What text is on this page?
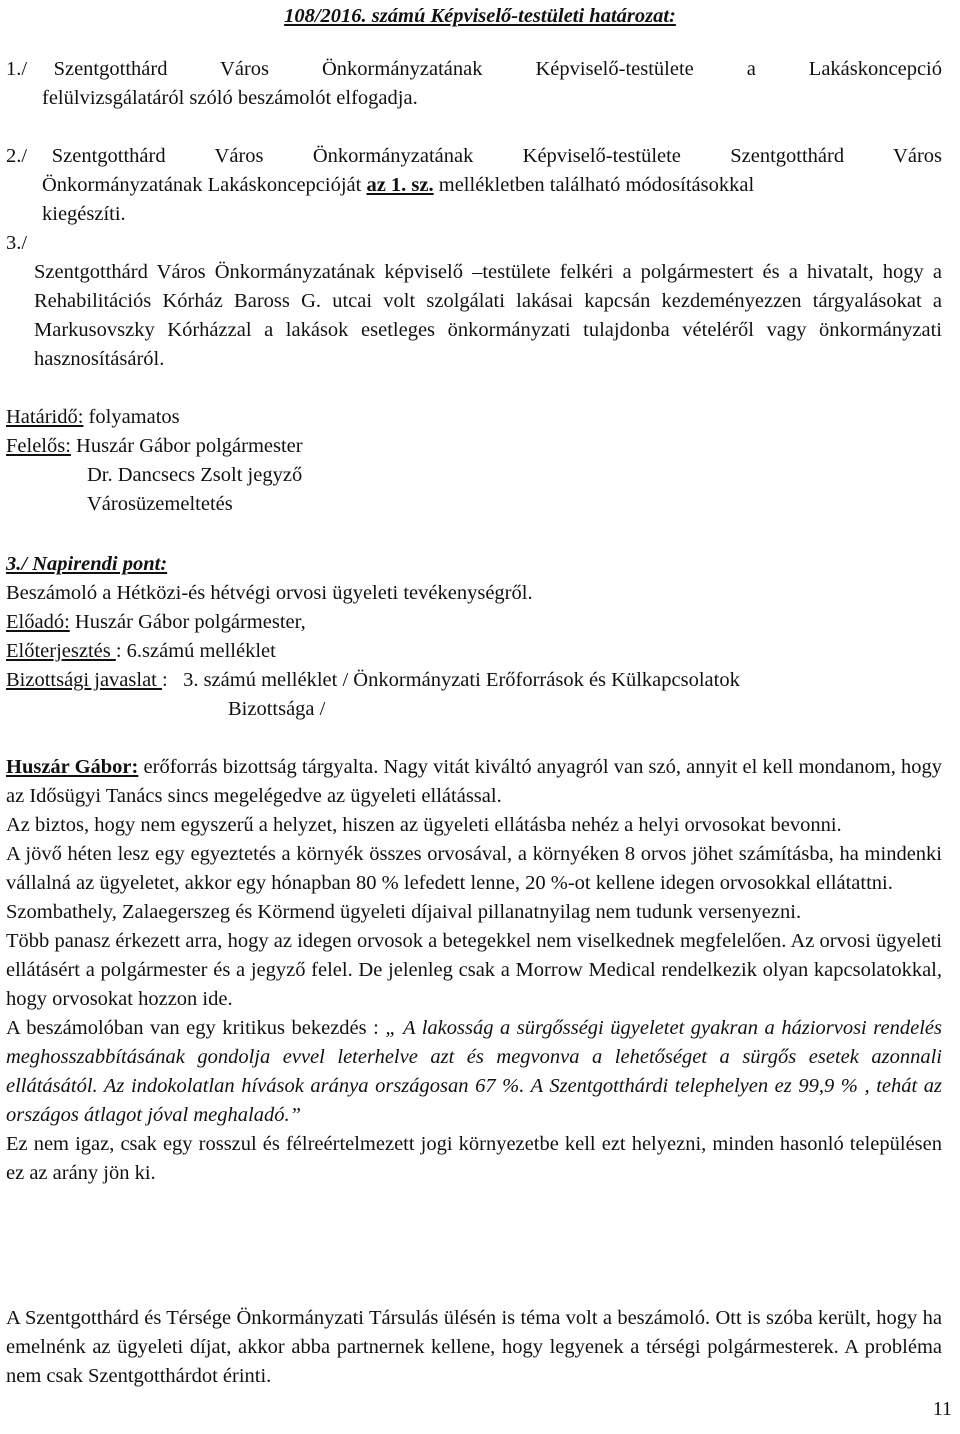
108/2016. számú Képviselő-testületi határozat:

1./ Szentgotthárd  Város  Önkormányzatának  Képviselő-testülete  a  Lakáskoncepció

felülvizsgálatáról szóló beszámolót elfogadja.

2./ Szentgotthárd  Város  Önkormányzatának  Képviselő-testülete  Szentgotthárd  Város

Önkormányzatának Lakáskoncepcióját az 1. sz. mellékletben található módosításokkal

kiegészíti.

3./

Szentgotthárd Város Önkormányzatának képviselő –testülete felkéri a polgármestert és a hivatalt, hogy a Rehabilitációs Kórház Baross G. utcai volt szolgálati lakásai kapcsán kezdeményezzen tárgyalásokat a Markusovszky Kórházzal a lakások esetleges önkormányzati tulajdonba vételéről vagy önkormányzati hasznosításáról.

Határidő: folyamatos

Felelős: Huszár Gábor polgármester

Dr. Dancsecs Zsolt jegyző

Városüzemeltetés

3./ Napirendi pont:

Beszámoló a Hétközi-és hétvégi orvosi ügyeleti tevékenységről.

Előadó: Huszár Gábor polgármester,

Előterjesztés : 6.számú melléklet

Bizottsági javaslat :   3. számú melléklet / Önkormányzati Erőforrások és Külkapcsolatok

Bizottsága /

Huszár Gábor: erőforrás bizottság tárgyalta. Nagy vitát kiváltó anyagról van szó, annyit el kell mondanom, hogy az Idősügyi Tanács sincs megelégedve az ügyeleti ellátással.

Az biztos, hogy nem egyszerű a helyzet, hiszen az ügyeleti ellátásba nehéz a helyi orvosokat bevonni.

A jövő héten lesz egy egyeztetés a környék összes orvosával, a környéken 8 orvos jöhet számításba, ha mindenki vállalná az ügyeletet, akkor egy hónapban 80 % lefedett lenne, 20 %-ot kellene idegen orvosokkal ellátattni.

Szombathely, Zalaegerszeg és Körmend ügyeleti díjaival pillanatnyilag nem tudunk versenyezni.

Több panasz érkezett arra, hogy az idegen orvosok a betegekkel nem viselkednek megfelelően. Az orvosi ügyeleti ellátásért a polgármester és a jegyző felel. De jelenleg csak a Morrow Medical rendelkezik olyan kapcsolatokkal, hogy orvosokat hozzon ide.

A beszámolóban van egy kritikus bekezdés : „ A lakosság a sürgősségi ügyeletet gyakran a háziorvosi rendelés meghosszabbításának gondolja evvel leterhelve azt és megvonva a lehetőséget a sürgős esetek azonnali ellátásától. Az indokolatlan hívások aránya országosan 67 %. A Szentgotthárdi telephelyen ez 99,9 % , tehát az országos átlagot jóval meghaladó.”

Ez nem igaz, csak egy rosszul és félreértelmezett jogi környezetbe kell ezt helyezni, minden hasonló településen ez az arány jön ki.

A Szentgotthárd és Térsége Önkormányzati Társulás ülésén is téma volt a beszámoló. Ott is szóba került, hogy ha emelnénk az ügyeleti díjat, akkor abba partnernek kellene, hogy legyenek a térségi polgármesterek. A probléma nem csak Szentgotthárdot érinti.
11
